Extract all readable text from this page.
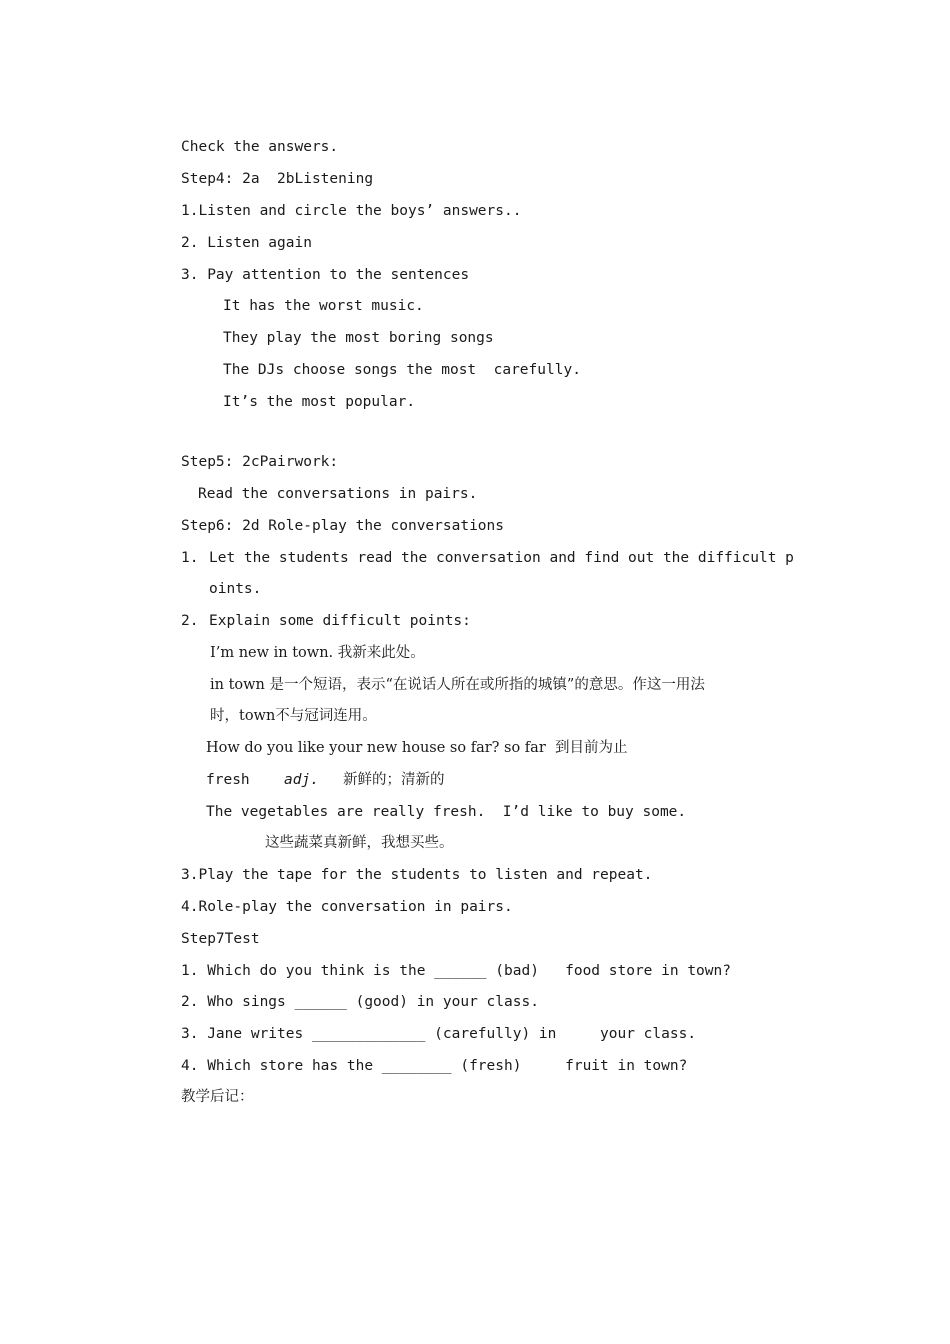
Check the answers.
Step4: 2a  2bListening
1.Listen and circle the boys’ answers..
2. Listen again
3. Pay attention to the sentences
It has the worst music.
They play the most boring songs
The DJs choose songs the most  carefully.
It’s the most popular.
Step5: 2cPairwork:
Read the conversations in pairs.
Step6: 2d Role-play the conversations
1. Let the students read the conversation and find out the difficult p
oints.
2. Explain some difficult points:
I’m new in town. 我新来此处。
in town 是一个短语，表示“在说话人所在或所指的城镇”的意思。作这一用法
时，town不与冠词连用。
How do you like your new house so far? so far  到目前为止
fresh adj. 新鲜的；清新的
The vegetables are really fresh.  I’d like to buy some.
这些蔬菜真新鲜，我想买些。
3.Play the tape for the students to listen and repeat.
4.Role-play the conversation in pairs.
Step7Test
1. Which do you think is the ______ (bad)   food store in town?
2. Who sings ______ (good) in your class.
3. Jane writes _____________ (carefully) in     your class.
4. Which store has the ________ (fresh)     fruit in town?
教学后记：
